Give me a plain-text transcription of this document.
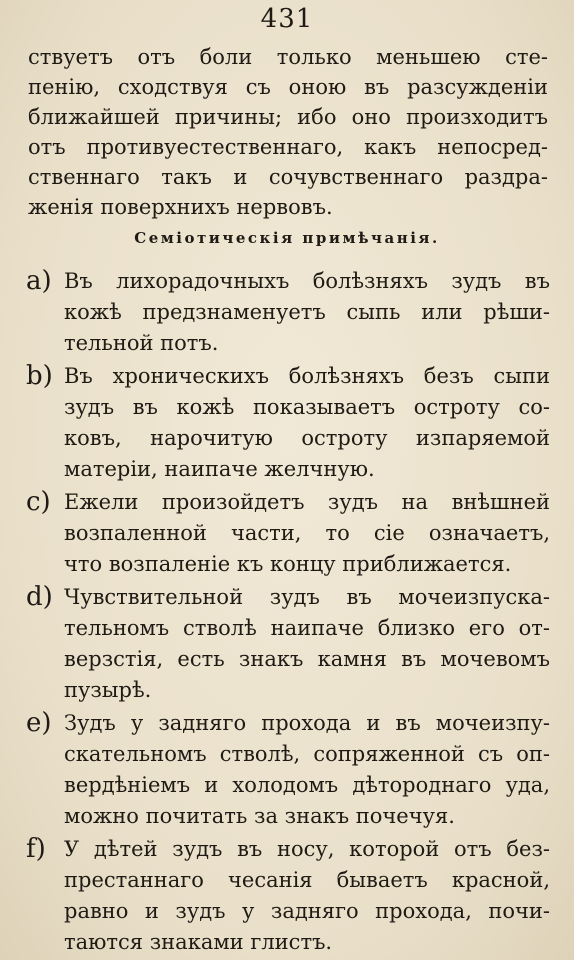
431
ствуетъ отъ боли только меньшею сте-
пенію, сходствуя съ оною въ разсужденіи
ближайшей причины; ибо оно произходитъ
отъ противуестественнаго, какъ непосред-
ственнаго такъ и сочувственнаго раздра-
женія поверхнихъ нервовъ.
Семіотическія примѣчанія.
a) Въ лихорадочныхъ болѣзняхъ зудъ въ
кожѣ предзнаменуетъ сыпь или рѣши-
тельной потъ.
b) Въ хроническихъ болѣзняхъ безъ сыпи
зудъ въ кожѣ показываетъ остроту со-
ковъ, нарочитую остроту изпаряемой
матеріи, наипаче желчную.
c) Ежели произойдетъ зудъ на внѣшней
возпаленной части, то сіе означаетъ,
что возпаленіе къ концу приближается.
d) Чувствительной зудъ въ мочеизпуска-
тельномъ стволѣ наипаче близко его от-
верзстія, есть знакъ камня въ мочевомъ
пузырѣ.
e) Зудъ у задняго прохода и въ мочеизпу-
скательномъ стволѣ, сопряженной съ оп-
вердѣніемъ и холодомъ дѣтороднаго уда,
можно почитать за знакъ почечуя.
f) У дѣтей зудъ въ носу, которой отъ без-
престаннаго чесанія бываетъ красной,
равно и зудъ у задняго прохода, почи-
таются знаками глистъ.
